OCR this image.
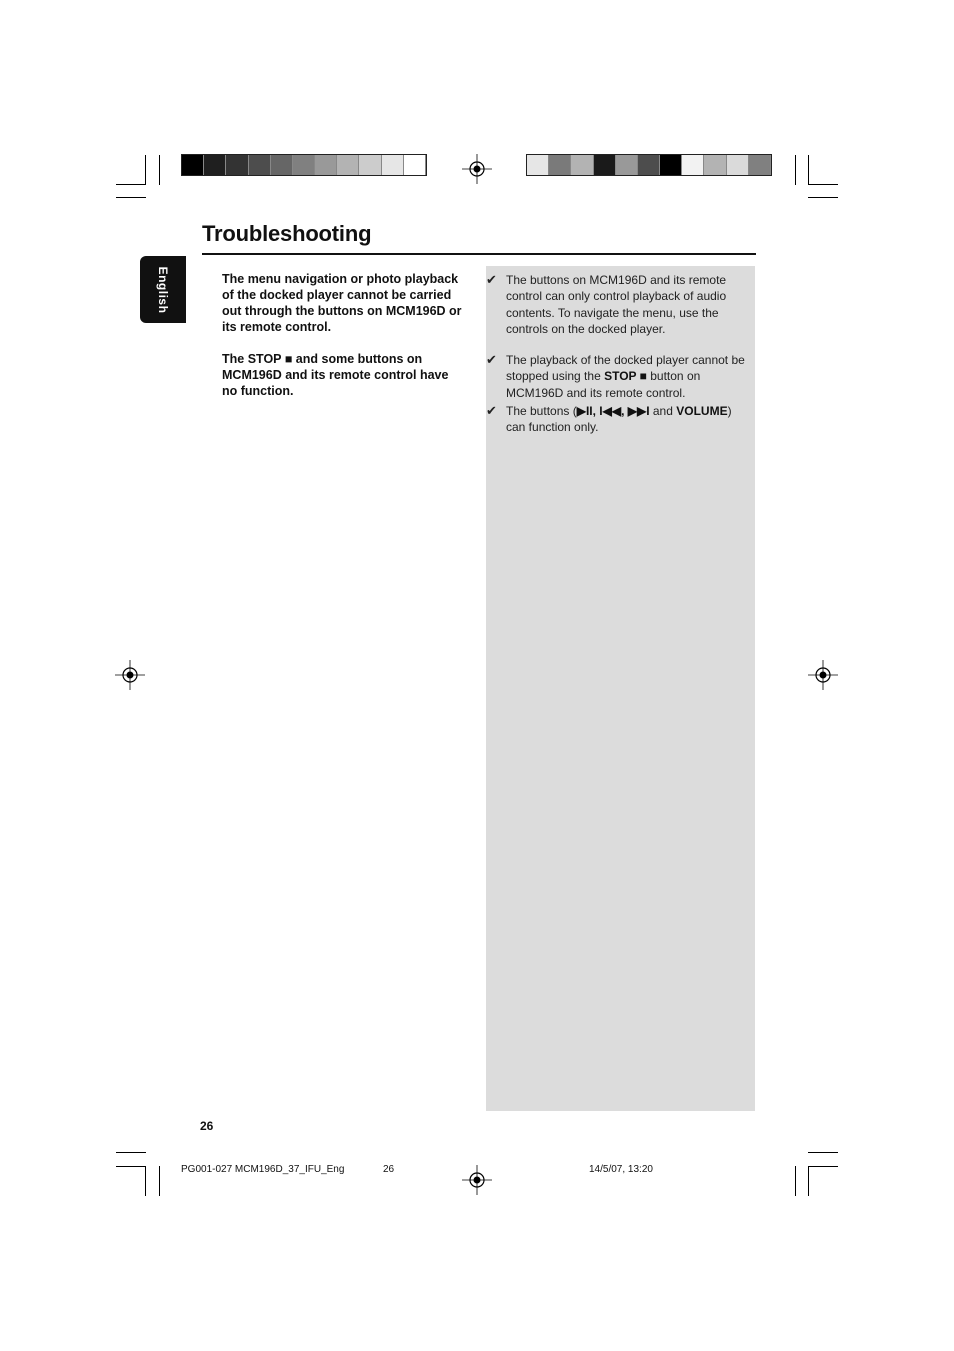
Troubleshooting
English	The menu navigation or photo playback of the docked player cannot be carried out through the buttons on MCM196D or its remote control.
✔ The buttons on MCM196D and its remote control can only control playback of audio contents. To navigate the menu, use the controls on the docked player.
The STOP ■ and some buttons on MCM196D and its remote control have no function.
✔ The playback of the docked player cannot be stopped using the STOP ■ button on MCM196D and its remote control.
✔ The buttons (▶II, I◀◀, ▶▶I and VOLUME) can function only.
26
PG001-027 MCM196D_37_IFU_Eng	26	14/5/07, 13:20
